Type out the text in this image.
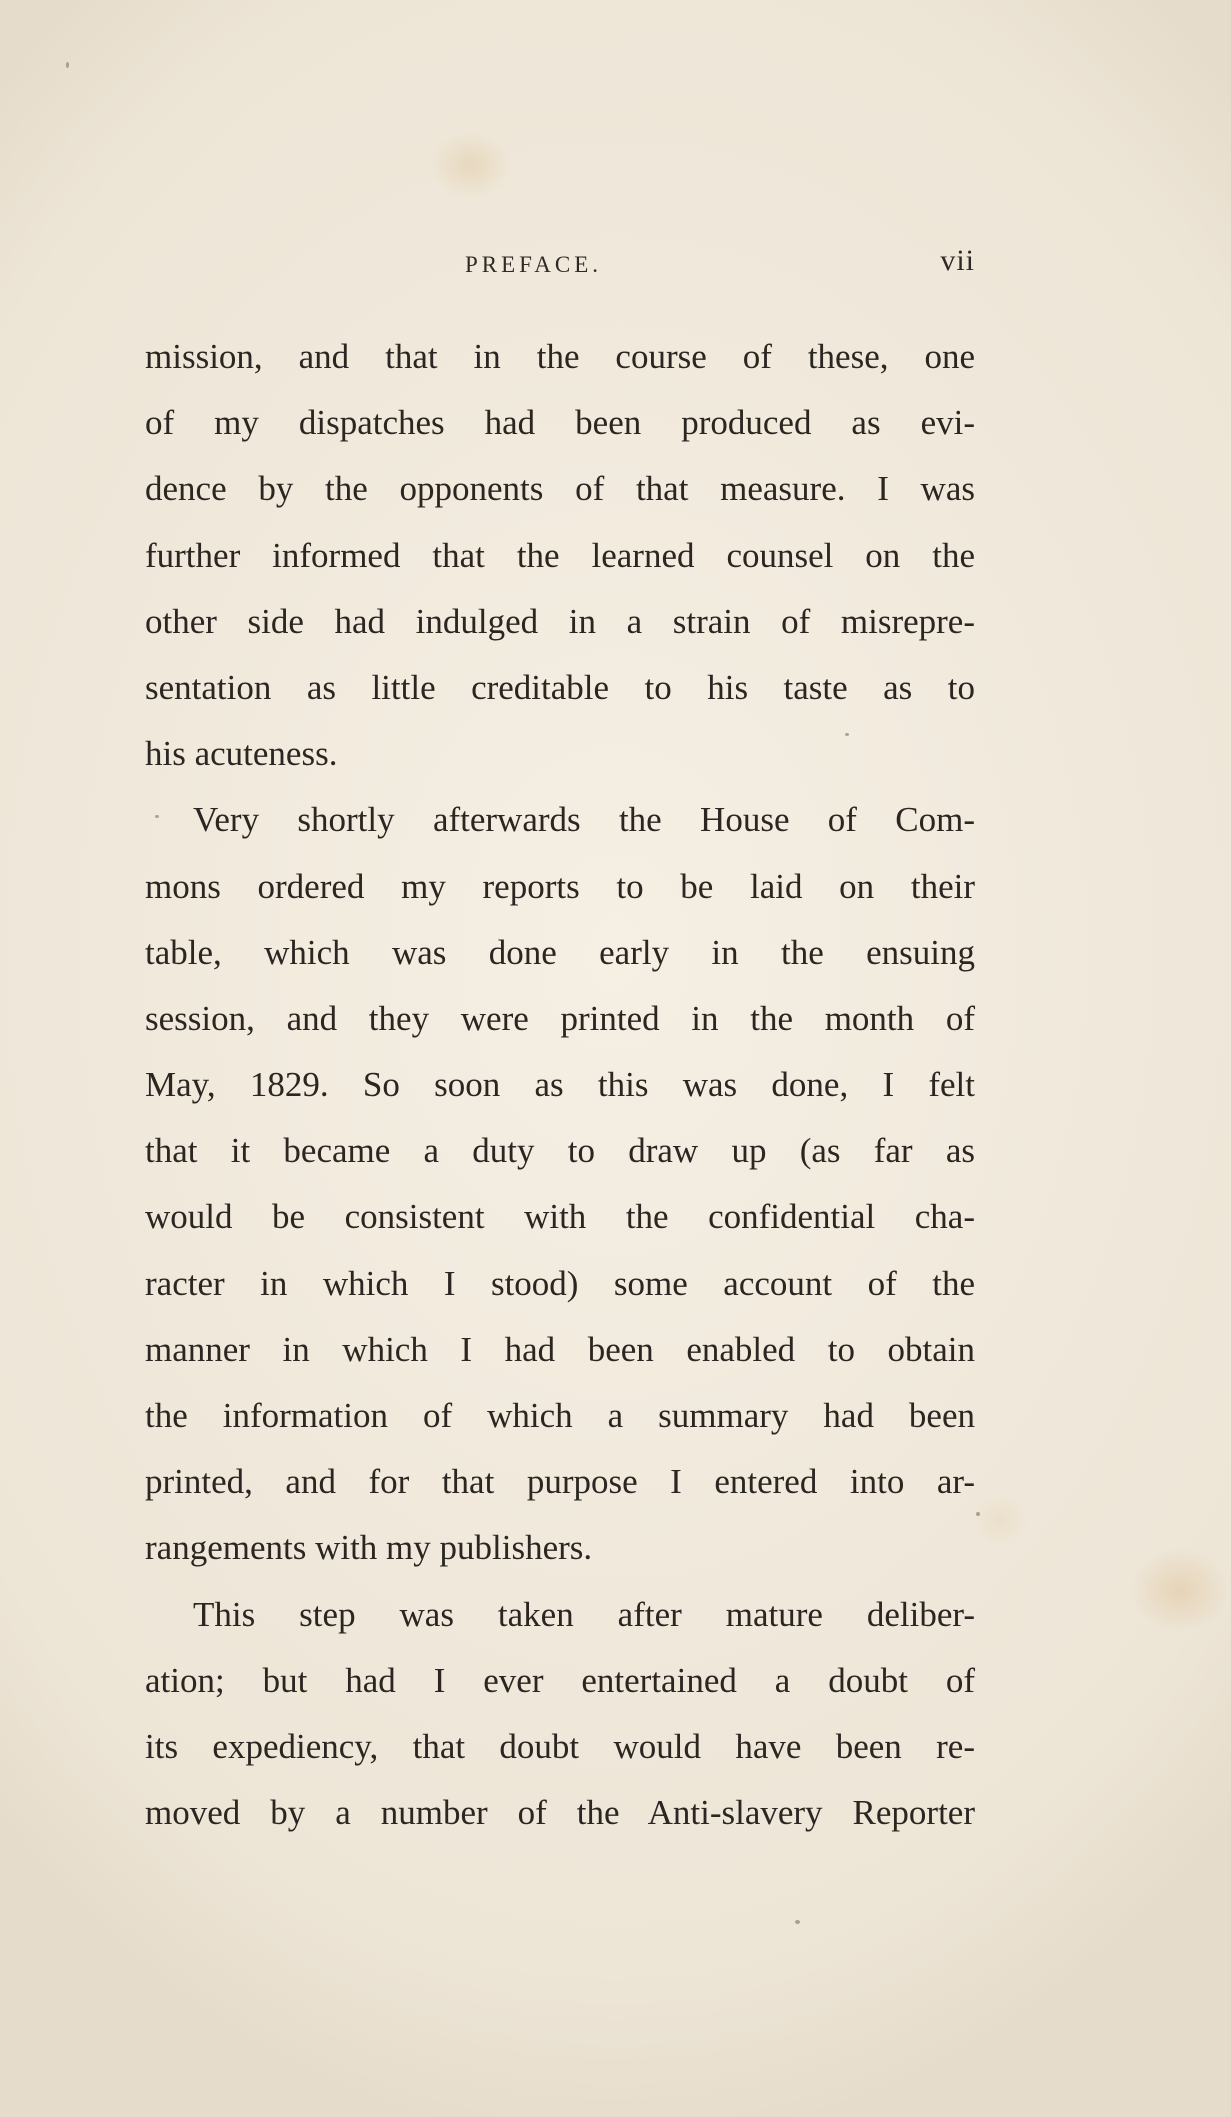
PREFACE.	vii
mission, and that in the course of these, one
of my dispatches had been produced as evi-
dence by the opponents of that measure. I was
further informed that the learned counsel on the
other side had indulged in a strain of misrepre-
sentation as little creditable to his taste as to
his acuteness.
Very shortly afterwards the House of Com-
mons ordered my reports to be laid on their
table, which was done early in the ensuing
session, and they were printed in the month of
May, 1829. So soon as this was done, I felt
that it became a duty to draw up (as far as
would be consistent with the confidential cha-
racter in which I stood) some account of the
manner in which I had been enabled to obtain
the information of which a summary had been
printed, and for that purpose I entered into ar-
rangements with my publishers.
This step was taken after mature deliber-
ation; but had I ever entertained a doubt of
its expediency, that doubt would have been re-
moved by a number of the Anti-slavery Reporter
